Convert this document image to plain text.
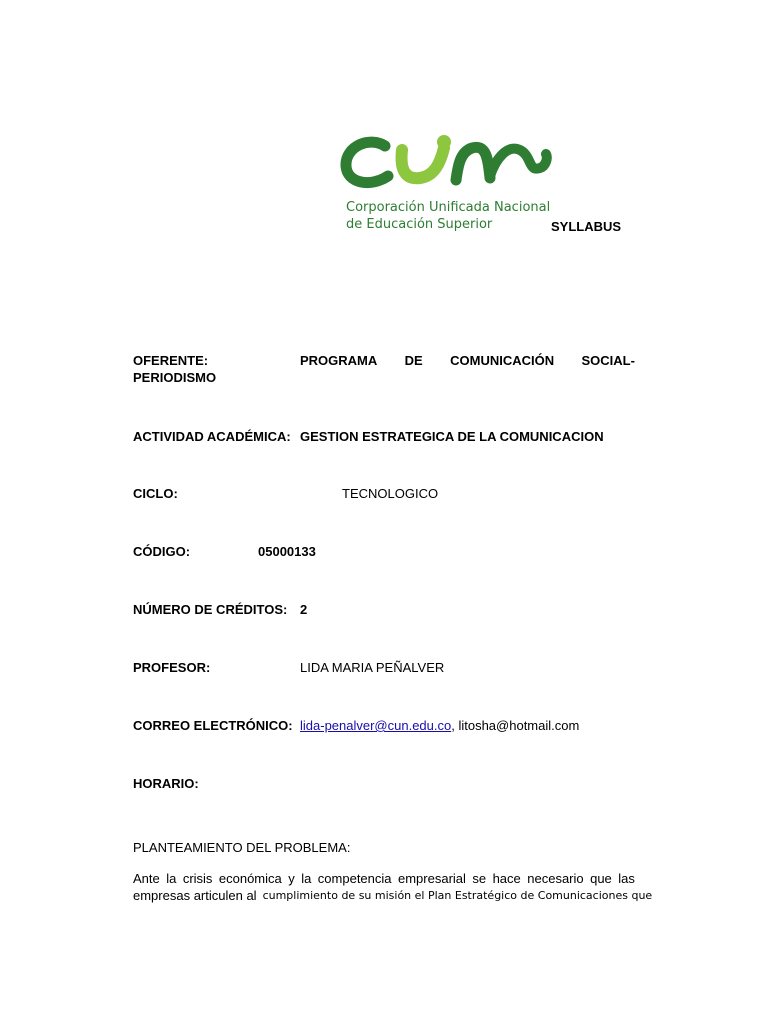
Corporación Unificada Nacional
de Educación Superior	SYLLABUS
OFERENTE:	PROGRAMA DE COMUNICACIÓN SOCIAL-
PERIODISMO
ACTIVIDAD ACADÉMICA: GESTION ESTRATEGICA DE LA COMUNICACION
CICLO:	TECNOLOGICO
CÓDIGO:	05000133
NÚMERO DE CRÉDITOS: 2
PROFESOR:	LIDA MARIA PEÑALVER
CORREO ELECTRÓNICO: lida-penalver@cun.edu.co, litosha@hotmail.com
HORARIO:
PLANTEAMIENTO DEL PROBLEMA:
Ante la crisis económica y la competencia empresarial se hace necesario que las
empresas articulen al cumplimiento de su misión el Plan Estratégico de Comunicaciones que
